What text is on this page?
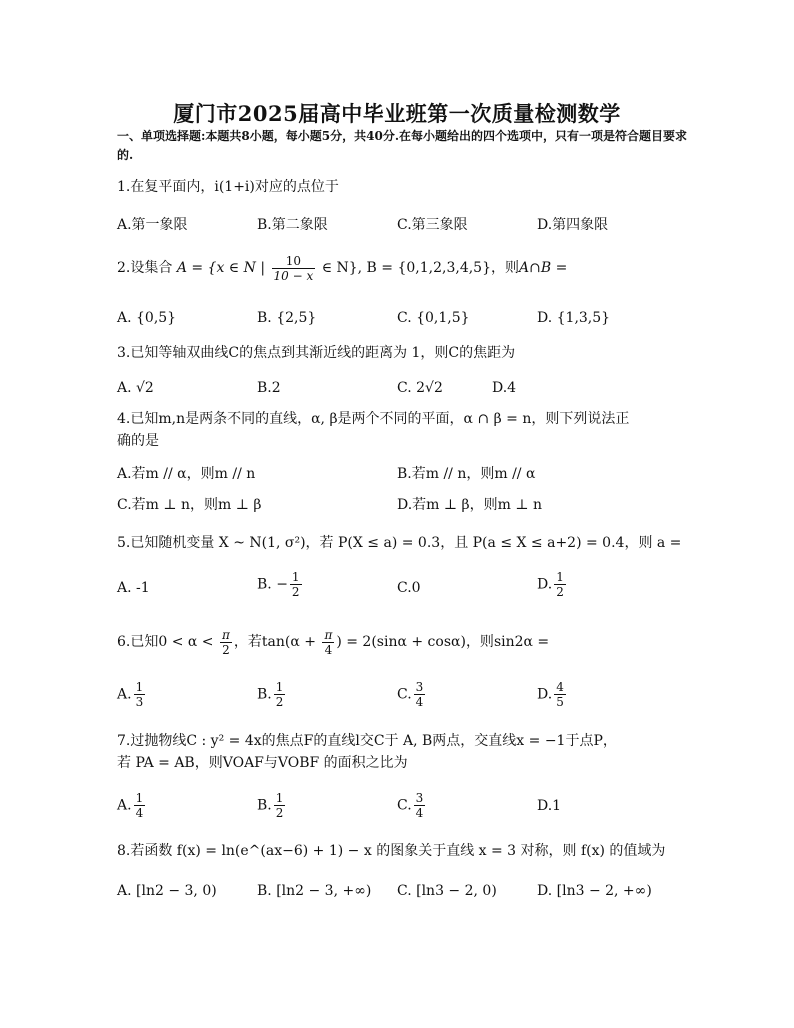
厦门市2025届高中毕业班第一次质量检测数学
一、单项选择题:本题共8小题，每小题5分，共40分.在每小题给出的四个选项中，只有一项是符合题目要求的.
1.在复平面内，i(1+i)对应的点位于
A.第一象限	B.第二象限	C.第三象限	D.第四象限
2.设集合 A = {x ∈ N | $\frac{10}{10 - x}$ ∈ N}, B = {0,1,2,3,4,5}，则A∩B =
A. {0,5}	B. {2,5}	C. {0,1,5}	D. {1,3,5}
3.已知等轴双曲线C的焦点到其渐近线的距离为 1，则C的焦距为
A. √2	B.2	C. 2√2	D.4
4.已知m,n是两条不同的直线，α, β是两个不同的平面，α ∩ β = n，则下列说法正
确的是
A.若m // α，则m // n	B.若m // n，则m // α
C.若m ⊥ n，则m ⊥ β	D.若m ⊥ β，则m ⊥ n
5.已知随机变量 X ~ N(1, σ²)，若 P(X ≤ a) = 0.3，且 P(a ≤ X ≤ a+2) = 0.4，则 a =
A. -1	B. − $\frac{1}{2}$	C.0	D. $\frac{1}{2}$
6.已知$0 < \alpha < \frac{\pi}{2}$ ，若$\tan(\alpha + \frac{\pi}{4}$ ) = 2(sinα + cosα)，则sin2α =
A. $\frac{1}{3}$	B. $\frac{1}{2}$	C. $\frac{3}{4}$	D. $\frac{4}{5}$
7.过抛物线C : y² = 4x的焦点F的直线l交C于 A, B两点，交直线x = −1于点P，
若 PA = AB，则VOAF与VOBF 的面积之比为
A. $\frac{1}{4}$	B. $\frac{1}{2}$	C. $\frac{3}{4}$	D.1
8.若函数 f(x) = ln(e^(ax−6) + 1) − x 的图象关于直线 x = 3 对称，则 f(x) 的值域为
A. [ln2 − 3, 0)	B. [ln2 − 3, +∞) C. [ln3 − 2, 0)	D. [ln3 − 2, +∞)
